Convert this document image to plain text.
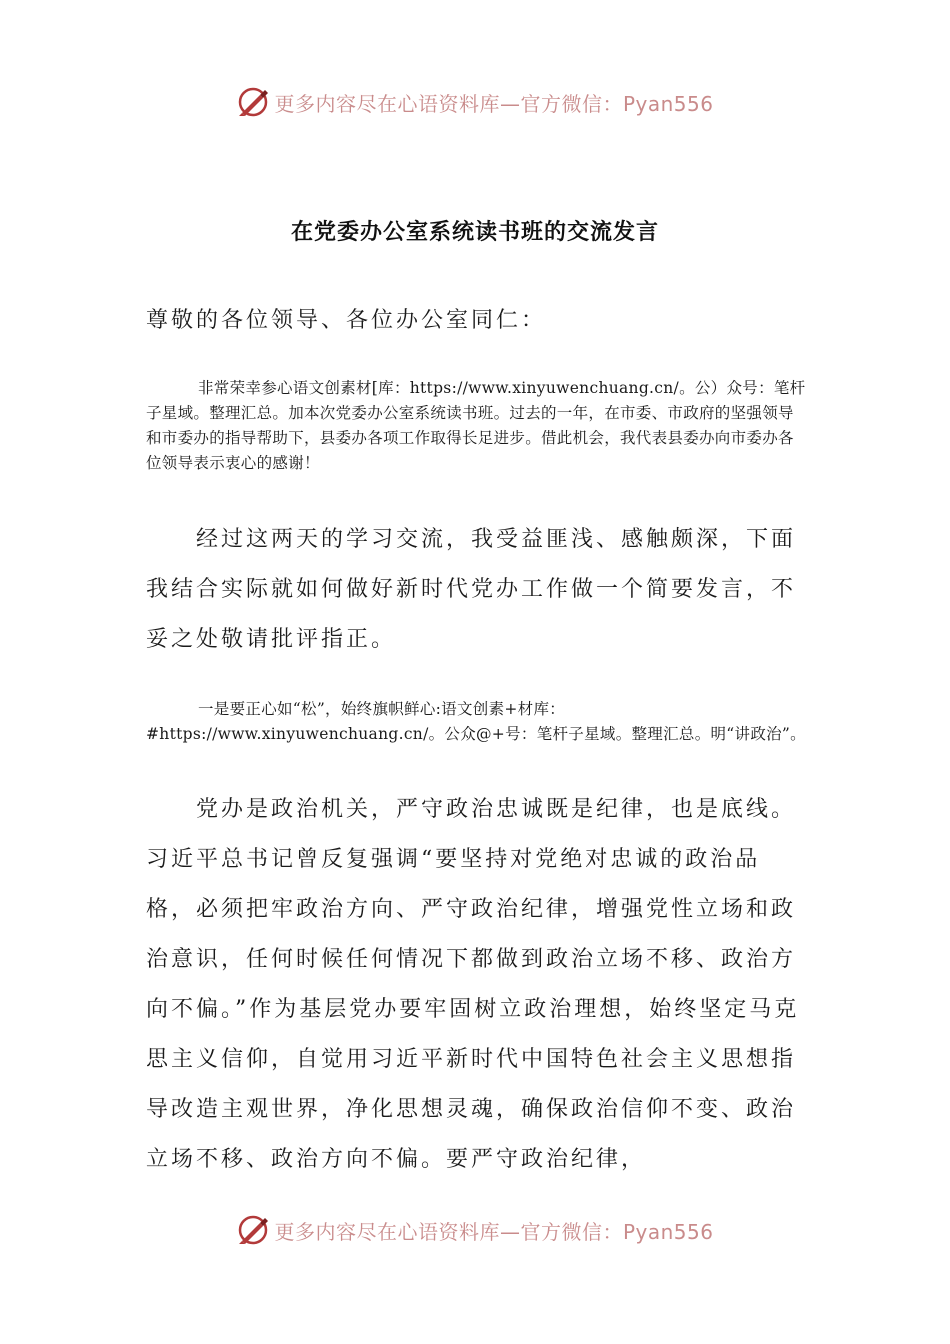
更多内容尽在心语资料库—官方微信：Pyan556
在党委办公室系统读书班的交流发言
尊敬的各位领导、各位办公室同仁：

非常荣幸参心语文创素材[库：https://www.xinyuwenchuang.cn/。公）众号：笔杆子星域。整理汇总。加本次党委办公室系统读书班。过去的一年，在市委、市政府的坚强领导和市委办的指导帮助下，县委办各项工作取得长足进步。借此机会，我代表县委办向市委办各位领导表示衷心的感谢！

经过这两天的学习交流，我受益匪浅、感触颇深，下面我结合实际就如何做好新时代党办工作做一个简要发言，不妥之处敬请批评指正。

一是要正心如“松”，始终旗帜鲜心:语文创素+材库：#https://www.xinyuwenchuang.cn/。公众@+号：笔杆子星域。整理汇总。明“讲政治”。

党办是政治机关，严守政治忠诚既是纪律，也是底线。习近平总书记曾反复强调“要坚持对党绝对忠诚的政治品格，必须把牢政治方向、严守政治纪律，增强党性立场和政治意识，任何时候任何情况下都做到政治立场不移、政治方向不偏。”作为基层党办要牢固树立政治理想，始终坚定马克思主义信仰，自觉用习近平新时代中国特色社会主义思想指导改造主观世界，净化思想灵魂，确保政治信仰不变、政治立场不移、政治方向不偏。要严守政治纪律，

更多内容尽在心语资料库—官方微信：Pyan556
